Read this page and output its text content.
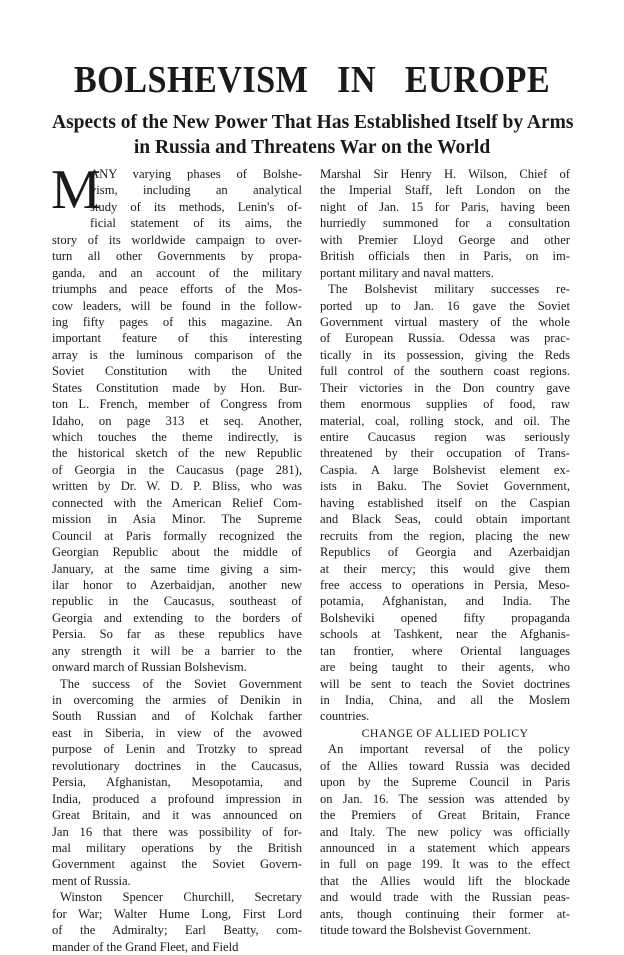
BOLSHEVISM IN EUROPE
Aspects of the New Power That Has Established Itself by Arms
in Russia and Threatens War on the World
M
ANY varying phases of Bolshe-
vism, including an analytical
study of its methods, Lenin's of-
ficial statement of its aims, the
story of its worldwide campaign to over-
turn all other Governments by propa-
ganda, and an account of the military
triumphs and peace efforts of the Mos-
cow leaders, will be found in the follow-
ing fifty pages of this magazine. An
important feature of this interesting
array is the luminous comparison of the
Soviet Constitution with the United
States Constitution made by Hon. Bur-
ton L. French, member of Congress from
Idaho, on page 313 et seq. Another,
which touches the theme indirectly, is
the historical sketch of the new Republic
of Georgia in the Caucasus (page 281),
written by Dr. W. D. P. Bliss, who was
connected with the American Relief Com-
mission in Asia Minor. The Supreme
Council at Paris formally recognized the
Georgian Republic about the middle of
January, at the same time giving a sim-
ilar honor to Azerbaidjan, another new
republic in the Caucasus, southeast of
Georgia and extending to the borders of
Persia. So far as these republics have
any strength it will be a barrier to the
onward march of Russian Bolshevism.
The success of the Soviet Government
in overcoming the armies of Denikin in
South Russian and of Kolchak farther
east in Siberia, in view of the avowed
purpose of Lenin and Trotzky to spread
revolutionary doctrines in the Caucasus,
Persia, Afghanistan, Mesopotamia, and
India, produced a profound impression in
Great Britain, and it was announced on
Jan 16 that there was possibility of for-
mal military operations by the British
Government against the Soviet Govern-
ment of Russia.
Winston Spencer Churchill, Secretary
for War; Walter Hume Long, First Lord
of the Admiralty; Earl Beatty, com-
mander of the Grand Fleet, and Field
Marshal Sir Henry H. Wilson, Chief of
the Imperial Staff, left London on the
night of Jan. 15 for Paris, having been
hurriedly summoned for a consultation
with Premier Lloyd George and other
British officials then in Paris, on im-
portant military and naval matters.
The Bolshevist military successes re-
ported up to Jan. 16 gave the Soviet
Government virtual mastery of the whole
of European Russia. Odessa was prac-
tically in its possession, giving the Reds
full control of the southern coast regions.
Their victories in the Don country gave
them enormous supplies of food, raw
material, coal, rolling stock, and oil. The
entire Caucasus region was seriously
threatened by their occupation of Trans-
Caspia. A large Bolshevist element ex-
ists in Baku. The Soviet Government,
having established itself on the Caspian
and Black Seas, could obtain important
recruits from the region, placing the new
Republics of Georgia and Azerbaidjan
at their mercy; this would give them
free access to operations in Persia, Meso-
potamia, Afghanistan, and India. The
Bolsheviki opened fifty propaganda
schools at Tashkent, near the Afghanis-
tan frontier, where Oriental languages
are being taught to their agents, who
will be sent to teach the Soviet doctrines
in India, China, and all the Moslem
countries.
CHANGE OF ALLIED POLICY
An important reversal of the policy
of the Allies toward Russia was decided
upon by the Supreme Council in Paris
on Jan. 16. The session was attended by
the Premiers of Great Britain, France
and Italy. The new policy was officially
announced in a statement which appears
in full on page 199. It was to the effect
that the Allies would lift the blockade
and would trade with the Russian peas-
ants, though continuing their former at-
titude toward the Bolshevist Government.
